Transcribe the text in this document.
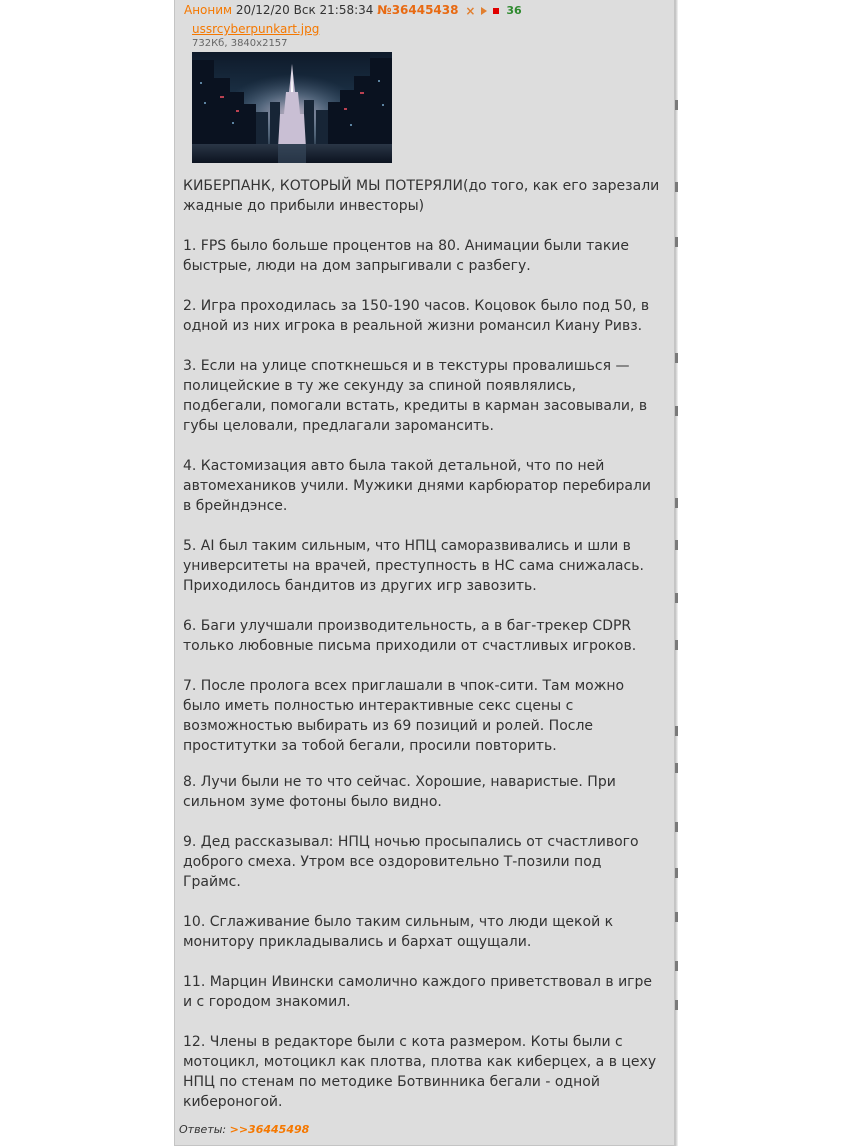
Аноним 20/12/20 Вск 21:58:34 №36445438 ×	36
ussrcyberpunkart.jpg
732Кб, 3840x2157

КИБЕРПАНК, КОТОРЫЙ МЫ ПОТЕРЯЛИ(до того, как его зарезали жадные до прибыли инвесторы)

1. FPS было больше процентов на 80. Анимации были такие быстрые, люди на дом запрыгивали с разбегу.

2. Игра проходилась за 150-190 часов. Коцовок было под 50, в одной из них игрока в реальной жизни романсил Киану Ривз.

3. Если на улице споткнешься и в текстуры провалишься — полицейские в ту же секунду за спиной появлялись, подбегали, помогали встать, кредиты в карман засовывали, в губы целовали, предлагали заромансить.

4. Кастомизация авто была такой детальной, что по ней автомехаников учили. Мужики днями карбюратор перебирали в брейндэнсе.

5. AI был таким сильным, что НПЦ саморазвивались и шли в университеты на врачей, преступность в НС сама снижалась. Приходилось бандитов из других игр завозить.

6. Баги улучшали производительность, а в баг-трекер CDPR только любовные письма приходили от счастливых игроков.

7. После пролога всех приглашали в чпок-сити. Там можно было иметь полностью интерактивные секс сцены с возможностью выбирать из 69 позиций и ролей. После проститутки за тобой бегали, просили повторить.

8. Лучи были не то что сейчас. Хорошие, наваристые. При сильном зуме фотоны было видно.

9. Дед рассказывал: НПЦ ночью просыпались от счастливого доброго смеха. Утром все оздоровительно Т-позили под Граймс.

10. Сглаживание было таким сильным, что люди щекой к монитору прикладывались и бархат ощущали.

11. Марцин Ивински самолично каждого приветствовал в игре и с городом знакомил.

12. Члены в редакторе были с кота размером. Коты были с мотоцикл, мотоцикл как плотва, плотва как киберцех, а в цеху НПЦ по стенам по методике Ботвинника бегали - одной кибероногой.

Ответы: >>36445498
